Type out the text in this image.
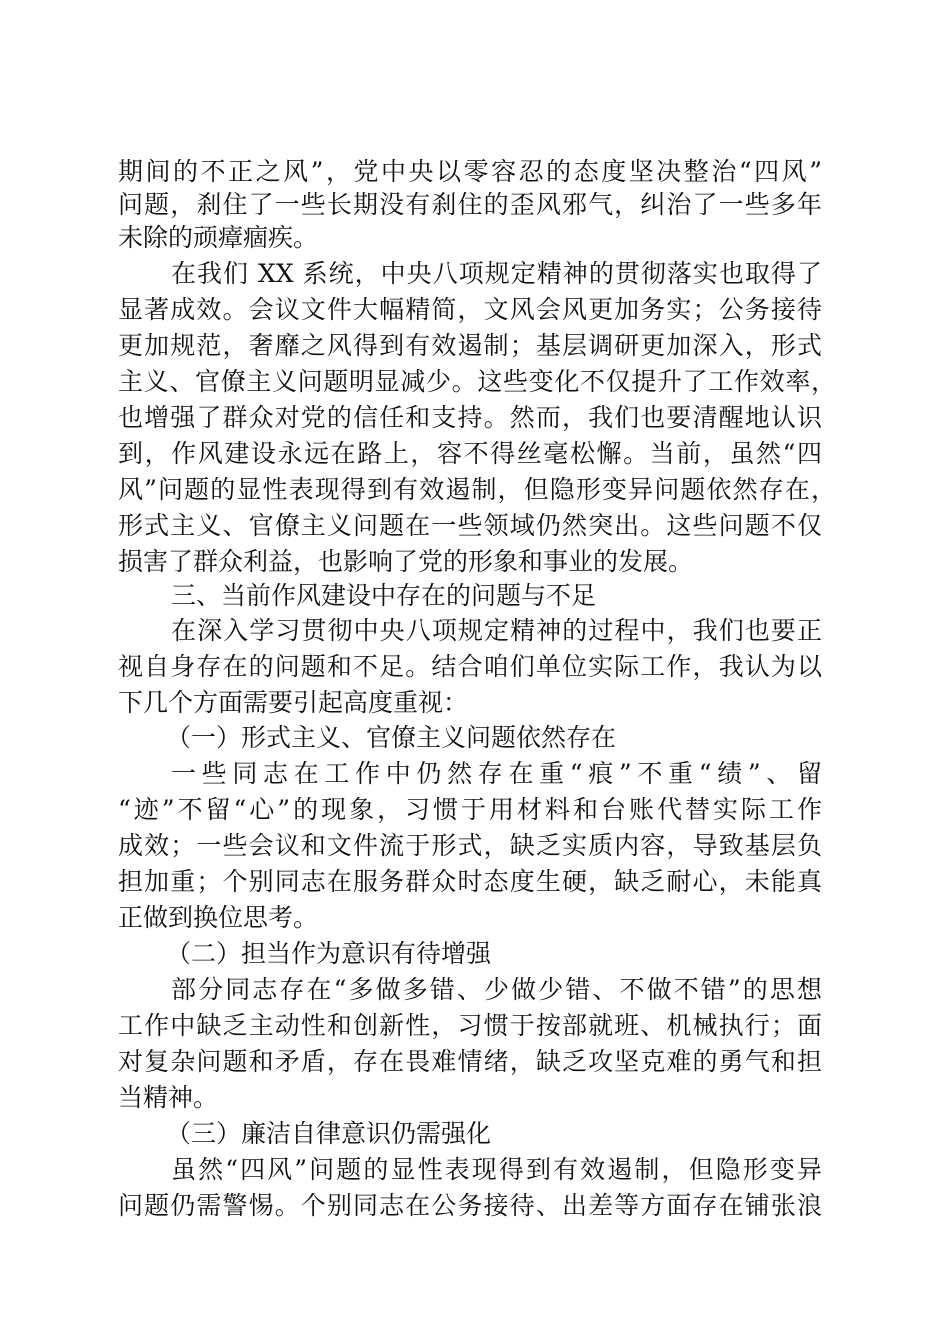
期间的不正之风”，党中央以零容忍的态度坚决整治“四风”

问题，刹住了一些长期没有刹住的歪风邪气，纠治了一些多年

未除的顽瘴痼疾。

在我们 XX 系统，中央八项规定精神的贯彻落实也取得了

显著成效。会议文件大幅精简，文风会风更加务实；公务接待

更加规范，奢靡之风得到有效遏制；基层调研更加深入，形式

主义、官僚主义问题明显减少。这些变化不仅提升了工作效率，

也增强了群众对党的信任和支持。然而，我们也要清醒地认识

到，作风建设永远在路上，容不得丝毫松懈。当前，虽然“四

风”问题的显性表现得到有效遏制，但隐形变异问题依然存在，

形式主义、官僚主义问题在一些领域仍然突出。这些问题不仅

损害了群众利益，也影响了党的形象和事业的发展。

三、当前作风建设中存在的问题与不足

在深入学习贯彻中央八项规定精神的过程中，我们也要正

视自身存在的问题和不足。结合咱们单位实际工作，我认为以

下几个方面需要引起高度重视：

（一）形式主义、官僚主义问题依然存在

一些同志在工作中仍然存在重“痕”不重“绩”、留

“迹”不留“心”的现象，习惯于用材料和台账代替实际工作

成效；一些会议和文件流于形式，缺乏实质内容，导致基层负

担加重；个别同志在服务群众时态度生硬，缺乏耐心，未能真

正做到换位思考。

（二）担当作为意识有待增强

部分同志存在“多做多错、少做少错、不做不错”的思想

工作中缺乏主动性和创新性，习惯于按部就班、机械执行；面

对复杂问题和矛盾，存在畏难情绪，缺乏攻坚克难的勇气和担

当精神。

（三）廉洁自律意识仍需强化

虽然“四风”问题的显性表现得到有效遏制，但隐形变异

问题仍需警惕。个别同志在公务接待、出差等方面存在铺张浪
